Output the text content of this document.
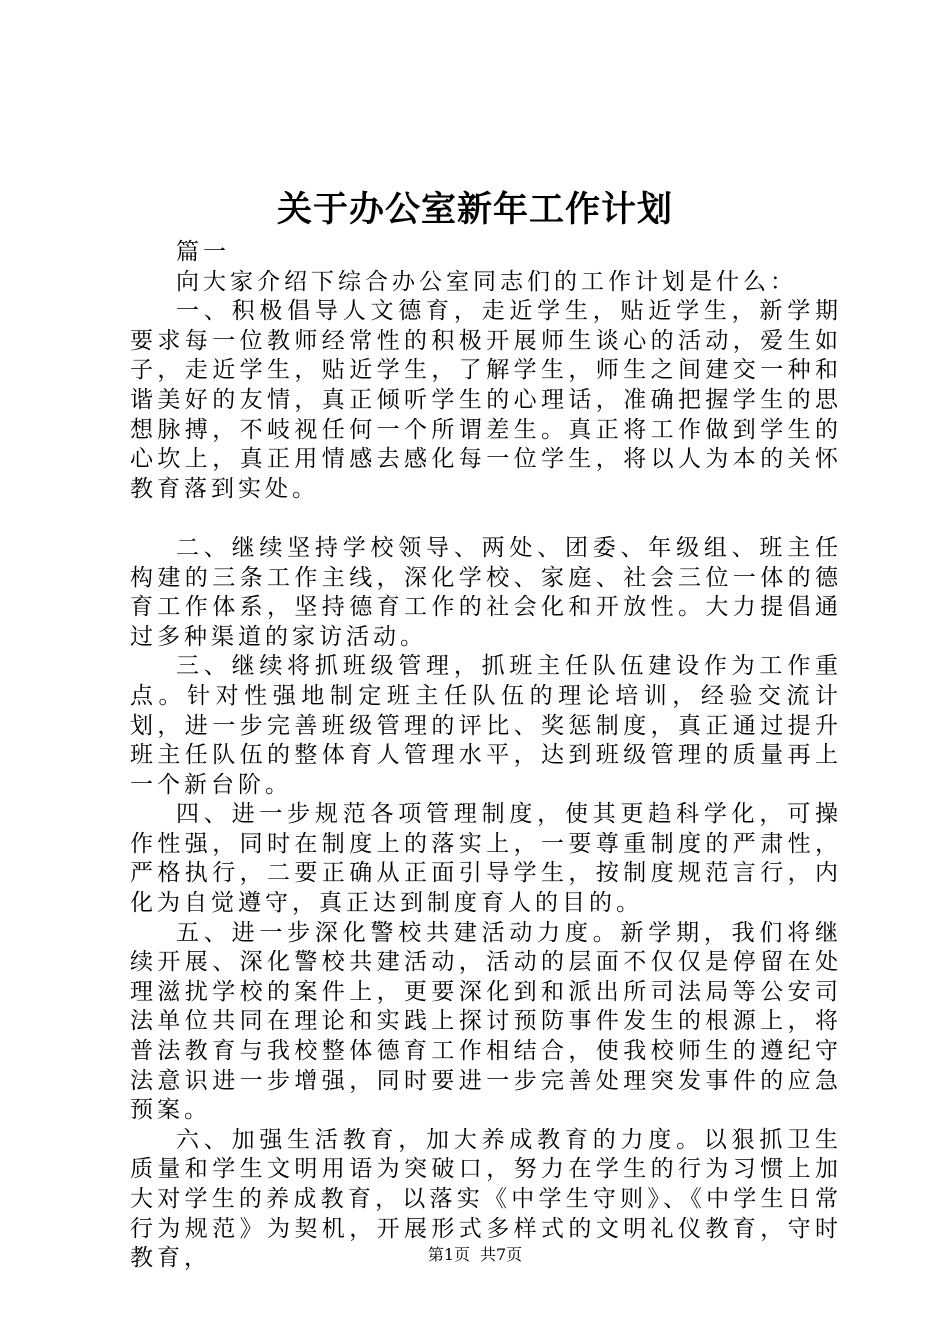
关于办公室新年工作计划

篇一

向大家介绍下综合办公室同志们的工作计划是什么：

一、积极倡导人文德育，走近学生，贴近学生，新学期要求每一位教师经常性的积极开展师生谈心的活动，爱生如子，走近学生，贴近学生，了解学生，师生之间建交一种和谐美好的友情，真正倾听学生的心理话，准确把握学生的思想脉搏，不岐视任何一个所谓差生。真正将工作做到学生的心坎上，真正用情感去感化每一位学生，将以人为本的关怀教育落到实处。

二、继续坚持学校领导、两处、团委、年级组、班主任构建的三条工作主线，深化学校、家庭、社会三位一体的德育工作体系，坚持德育工作的社会化和开放性。大力提倡通过多种渠道的家访活动。

三、继续将抓班级管理，抓班主任队伍建设作为工作重点。针对性强地制定班主任队伍的理论培训，经验交流计划，进一步完善班级管理的评比、奖惩制度，真正通过提升班主任队伍的整体育人管理水平，达到班级管理的质量再上一个新台阶。

四、进一步规范各项管理制度，使其更趋科学化，可操作性强，同时在制度上的落实上，一要尊重制度的严肃性，严格执行，二要正确从正面引导学生，按制度规范言行，内化为自觉遵守，真正达到制度育人的目的。

五、进一步深化警校共建活动力度。新学期，我们将继续开展、深化警校共建活动，活动的层面不仅仅是停留在处理滋扰学校的案件上，更要深化到和派出所司法局等公安司法单位共同在理论和实践上探讨预防事件发生的根源上，将普法教育与我校整体德育工作相结合，使我校师生的遵纪守法意识进一步增强，同时要进一步完善处理突发事件的应急预案。

六、加强生活教育，加大养成教育的力度。以狠抓卫生质量和学生文明用语为突破口，努力在学生的行为习惯上加大对学生的养成教育，以落实《中学生守则》、《中学生日常行为规范》为契机，开展形式多样式的文明礼仪教育，守时教育，	第1页 共7页
